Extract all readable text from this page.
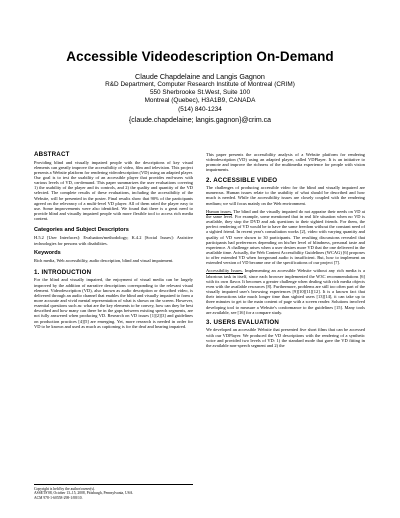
Accessible Videodescription On-Demand
Claude Chapdelaine and Langis Gagnon
R&D Department, Computer Research Institute of Montreal (CRIM)
550 Sherbrooke St.West, Suite 100
Montreal (Quebec), H3A1B9, CANADA
(514) 840-1234
{claude.chapdelaine; langis.gagnon}@crim.ca
ABSTRACT

Providing blind and visually impaired people with the descriptions of key visual elements can greatly improve the accessibility of video, film and television. This project presents a Website platform for rendering videodescription (VD) using an adapted player. Our goal is to test the usability of an accessible player that provides end-users with various levels of VD, on-demand. This paper summarizes the user evaluations covering 1) the usability of the player and its controls, and 2) the quality and quantity of the VD selected. The complete results of these evaluations, including the accessibility of the Website, will be presented in the poster. Final results show that 90% of the participants agreed on the relevancy of a multi-level VD player. All of them rated the player easy to use. Some improvements were also identified. We found that there is a great need to provide blind and visually impaired people with more flexible tool to access rich media content.

Categories and Subject Descriptors

H.5.2 [User Interfaces]: Evaluation/methodology; K.4.2 [Social Issues]: Assistive technologies for persons with disabilities.

Keywords

Rich media, Web accessibility, audio description, blind and visual impairment.

1. INTRODUCTION

For the blind and visually impaired, the enjoyment of visual media can be largely improved by the addition of narrative descriptions corresponding to the relevant visual element. Videodescription (VD), also known as audio description or described video, is delivered through an audio channel that enables the blind and visually impaired to form a more accurate and vivid mental representation of what is shown on the screen. However, essential questions such as: what are the key elements to be convey, how can they be best described and how many can there be in the gaps between existing speech segments, are not fully answered when producing VD. Research on VD issues [1][2][3] and guidelines on production practices [4][5] are emerging. Yet, more research is needed in order for VD to be known and used as much as captioning is for the deaf and hearing impaired.

Copyright is held by the author/owner(s).

ASSETS'08, October 13–15, 2008, Pittsburgh, Pennsylvania, USA.

ACM 978-1-60558-298-1/08/10.

This paper presents the accessibility analysis of a Website platform for rendering videodescription (VD) using an adapted player, called VDPlayer. It is an initiative to promote and improve the richness of the multimedia experience for people with vision impairments.

2. ACCESSIBLE VIDEO

The challenges of producing accessible video for the blind and visually impaired are numerous. Human issues relate to the usability of what should be described and how much is needed. While the accessibility issues are closely coupled with the rendering medium; we will focus mainly on the Web environment.

Human issues. The blind and the visually impaired do not appraise their needs on VD at the same level. For example, some mentioned that in real life situation when no VD is available, they stop the DVD and ask questions to their sighted friends. For them, the perfect rendering of VD would be to have the same freedom without the constant need of a sighted friend. In recent year's consultation works [2], video with varying quantity and quality of VD were shown to 30 participants. The resulting discussions revealed that participants had preferences depending on his/her level of blindness, personal taste and experience. A challenge arises when a user desires more VD that the one delivered in the available time. Actually, the Web Content Accessibility Guidelines (WCAG) [6] proposes to offer extended VD when foreground audio is insufficient. But, how to implement an extended version of VD became one of the specifications of our project [7].

Accessibility Issues. Implementing an accessible Website without any rich media is a laborious task in itself, since each browser implemented the W3C recommendations [6] with its own flavor. It becomes a greater challenge when dealing with rich media objects even with the available resources [8]. Furthermore, problems are still too often part of the visually impaired user's browsing experiences [9][10][11][12]. It is a known fact that their interactions take much longer time than sighted users [13][14], it can take up to three minutes to get to the main content of page with a screen reader. Solutions involved developing tool to measure a Website's conformance to the guidelines [15]. Many tools are available, see [16] for a compare study.

3. USERS EVALUATION

We developed an accessible Website that presented five short films that can be accessed with our VDPlayer. We produced the VD descriptions with the rendering of a synthetic voice and provided two levels of VD: 1) the standard mode that gave the VD fitting in the available non-speech segment and 2) the
